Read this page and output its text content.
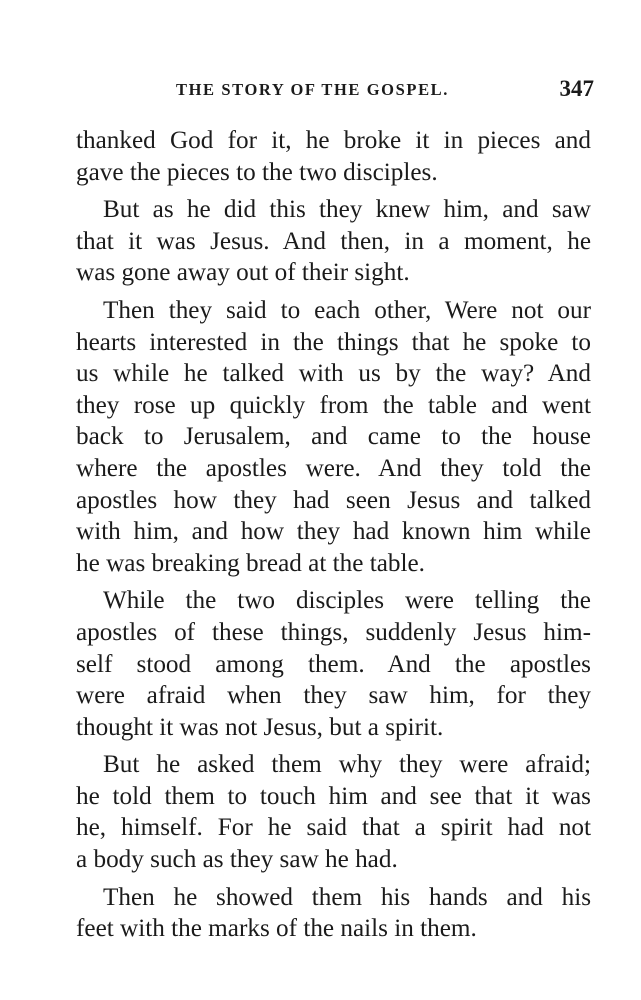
THE STORY OF THE GOSPEL.	347
thanked God for it, he broke it in pieces and
gave the pieces to the two disciples.
But as he did this they knew him, and saw
that it was Jesus. And then, in a moment, he
was gone away out of their sight.
Then they said to each other, Were not our
hearts interested in the things that he spoke to
us while he talked with us by the way? And
they rose up quickly from the table and went
back to Jerusalem, and came to the house
where the apostles were. And they told the
apostles how they had seen Jesus and talked
with him, and how they had known him while
he was breaking bread at the table.
While the two disciples were telling the
apostles of these things, suddenly Jesus him-
self stood among them. And the apostles
were afraid when they saw him, for they
thought it was not Jesus, but a spirit.
But he asked them why they were afraid;
he told them to touch him and see that it was
he, himself. For he said that a spirit had not
a body such as they saw he had.
Then he showed them his hands and his
feet with the marks of the nails in them.
